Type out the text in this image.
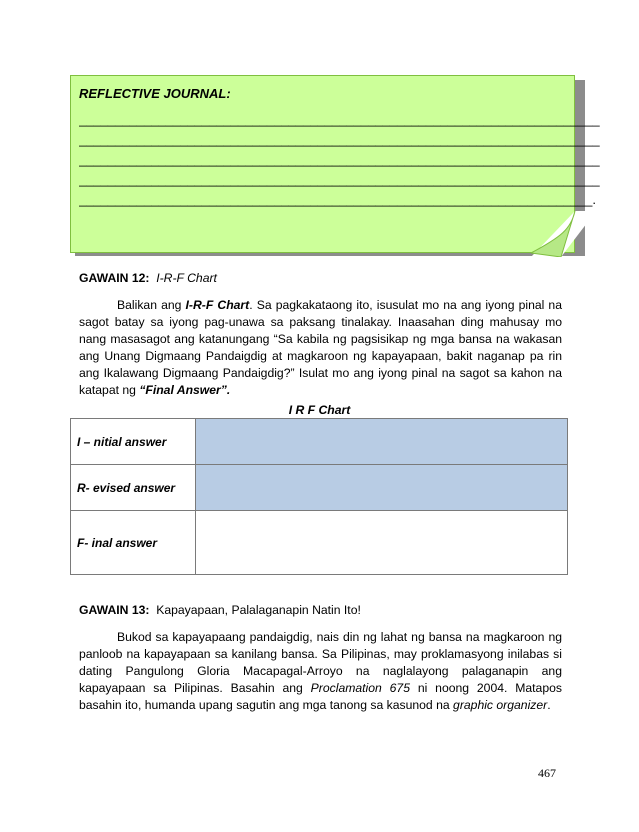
REFLECTIVE JOURNAL:
________________________________________________________________________
________________________________________________________________________
________________________________________________________________________
________________________________________________________________________
_______________________________________________________________________.
GAWAIN 12: I-R-F Chart
Balikan ang I-R-F Chart. Sa pagkakataong ito, isusulat mo na ang iyong pinal na sagot batay sa iyong pag-unawa sa paksang tinalakay. Inaasahan ding mahusay mo nang masasagot ang katanungang “Sa kabila ng pagsisikap ng mga bansa na wakasan ang Unang Digmaang Pandaigdig at magkaroon ng kapayapaan, bakit naganap pa rin ang Ikalawang Digmaang Pandaigdig?” Isulat mo ang iyong pinal na sagot sa kahon na katapat ng “Final Answer”.
I R F Chart
I – nitial answer	
R- evised answer	
F- inal answer	
GAWAIN 13: Kapayapaan, Palalaganapin Natin Ito!
Bukod sa kapayapaang pandaigdig, nais din ng lahat ng bansa na magkaroon ng panloob na kapayapaan sa kanilang bansa. Sa Pilipinas, may proklamasyong inilabas si dating Pangulong Gloria Macapagal-Arroyo na naglalayong palaganapin ang kapayapaan sa Pilipinas. Basahin ang Proclamation 675 ni noong 2004. Matapos basahin ito, humanda upang sagutin ang mga tanong sa kasunod na graphic organizer.
467
